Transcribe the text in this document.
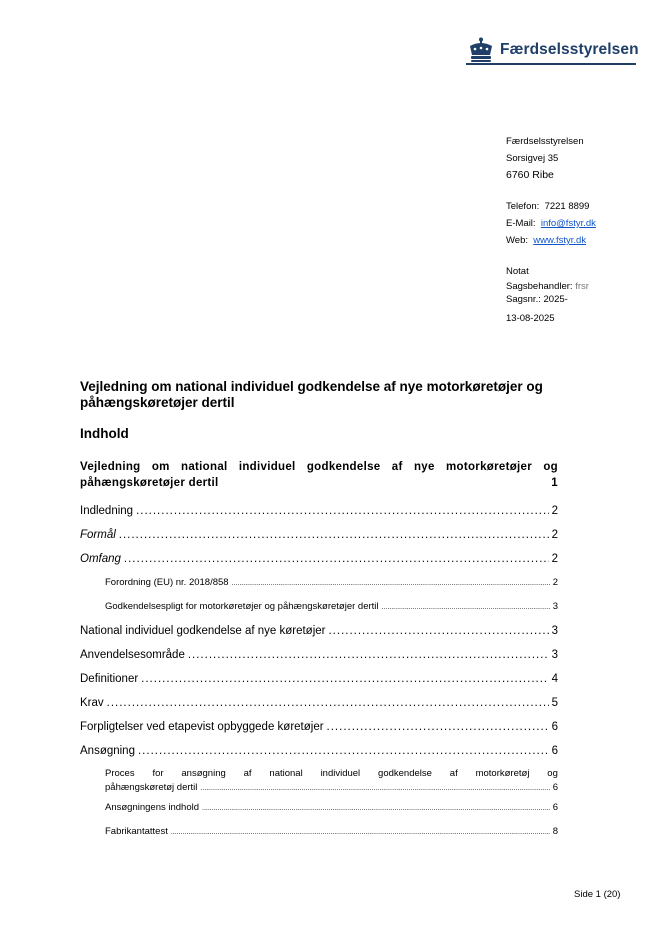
Færdselsstyrelsen
Færdselsstyrelsen
Sorsigvej 35
6760 Ribe
Telefon: 7221 8899
E-Mail: info@fstyr.dk
Web: www.fstyr.dk
Notat
Sagsbehandler: frsr
Sagsnr.: 2025-
13-08-2025
Vejledning om national individuel godkendelse af nye motorkøretøjer og påhængskøretøjer dertil
Indhold
Vejledning om national individuel godkendelse af nye motorkøretøjer og
påhængskøretøjer dertil	1
Indledning .....	2
Formål .....	2
Omfang .....	2
Forordning (EU) nr. 2018/858 .....	2
Godkendelsespligt for motorkøretøjer og påhængskøretøjer dertil .....	3
National individuel godkendelse af nye køretøjer .....	3
Anvendelsesområde .....	3
Definitioner .....	4
Krav .....	5
Forpligtelser ved etapevist opbyggede køretøjer .....	6
Ansøgning .....	6
Proces for ansøgning af national individuel godkendelse af motorkøretøj og
påhængskøretøj dertil .....	6
Ansøgningens indhold .....	6
Fabrikantattest .....	8
Side 1 (20)
